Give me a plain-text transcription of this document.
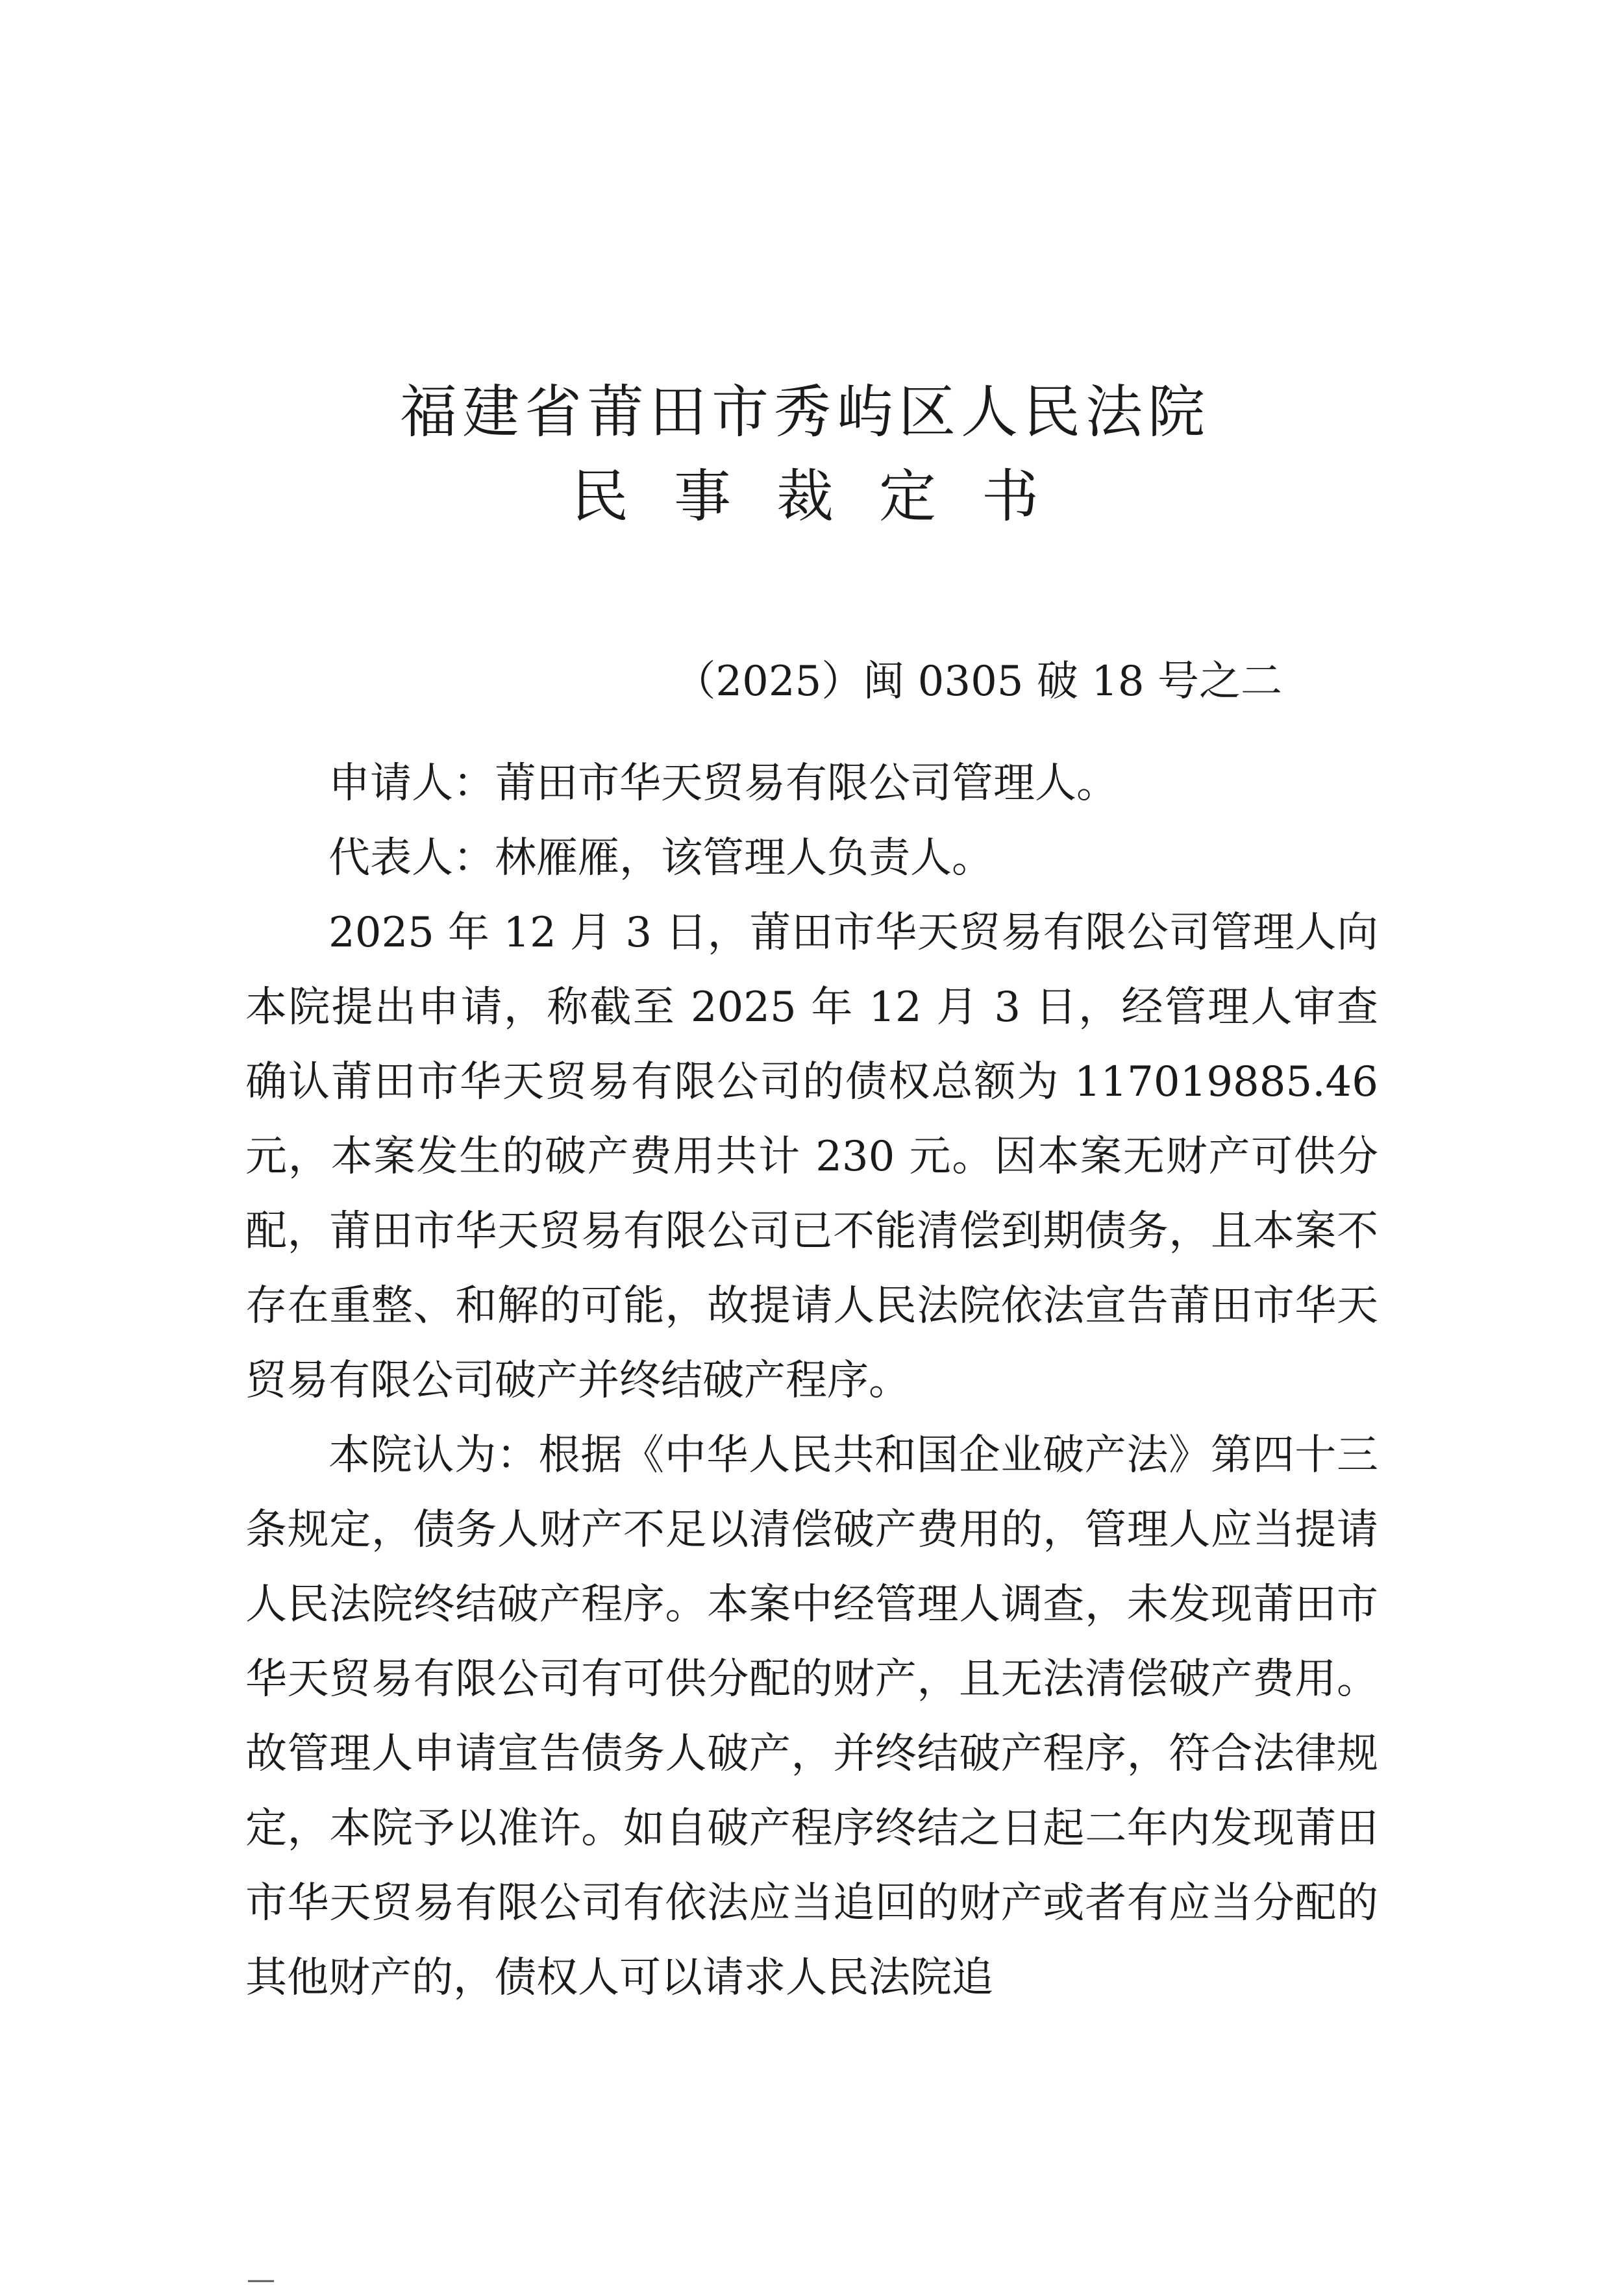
福建省莆田市秀屿区人民法院
民事裁定书
（2025）闽 0305 破 18 号之二

申请人：莆田市华天贸易有限公司管理人。

代表人：林雁雁，该管理人负责人。

2025 年 12 月 3 日，莆田市华天贸易有限公司管理人向本院提出申请，称截至 2025 年 12 月 3 日，经管理人审查确认莆田市华天贸易有限公司的债权总额为 117019885.46 元，本案发生的破产费用共计 230 元。因本案无财产可供分配，莆田市华天贸易有限公司已不能清偿到期债务，且本案不存在重整、和解的可能，故提请人民法院依法宣告莆田市华天贸易有限公司破产并终结破产程序。

本院认为：根据《中华人民共和国企业破产法》第四十三条规定，债务人财产不足以清偿破产费用的，管理人应当提请人民法院终结破产程序。本案中经管理人调查，未发现莆田市华天贸易有限公司有可供分配的财产，且无法清偿破产费用。故管理人申请宣告债务人破产，并终结破产程序，符合法律规定，本院予以准许。如自破产程序终结之日起二年内发现莆田市华天贸易有限公司有依法应当追回的财产或者有应当分配的其他财产的，债权人可以请求人民法院追

—
